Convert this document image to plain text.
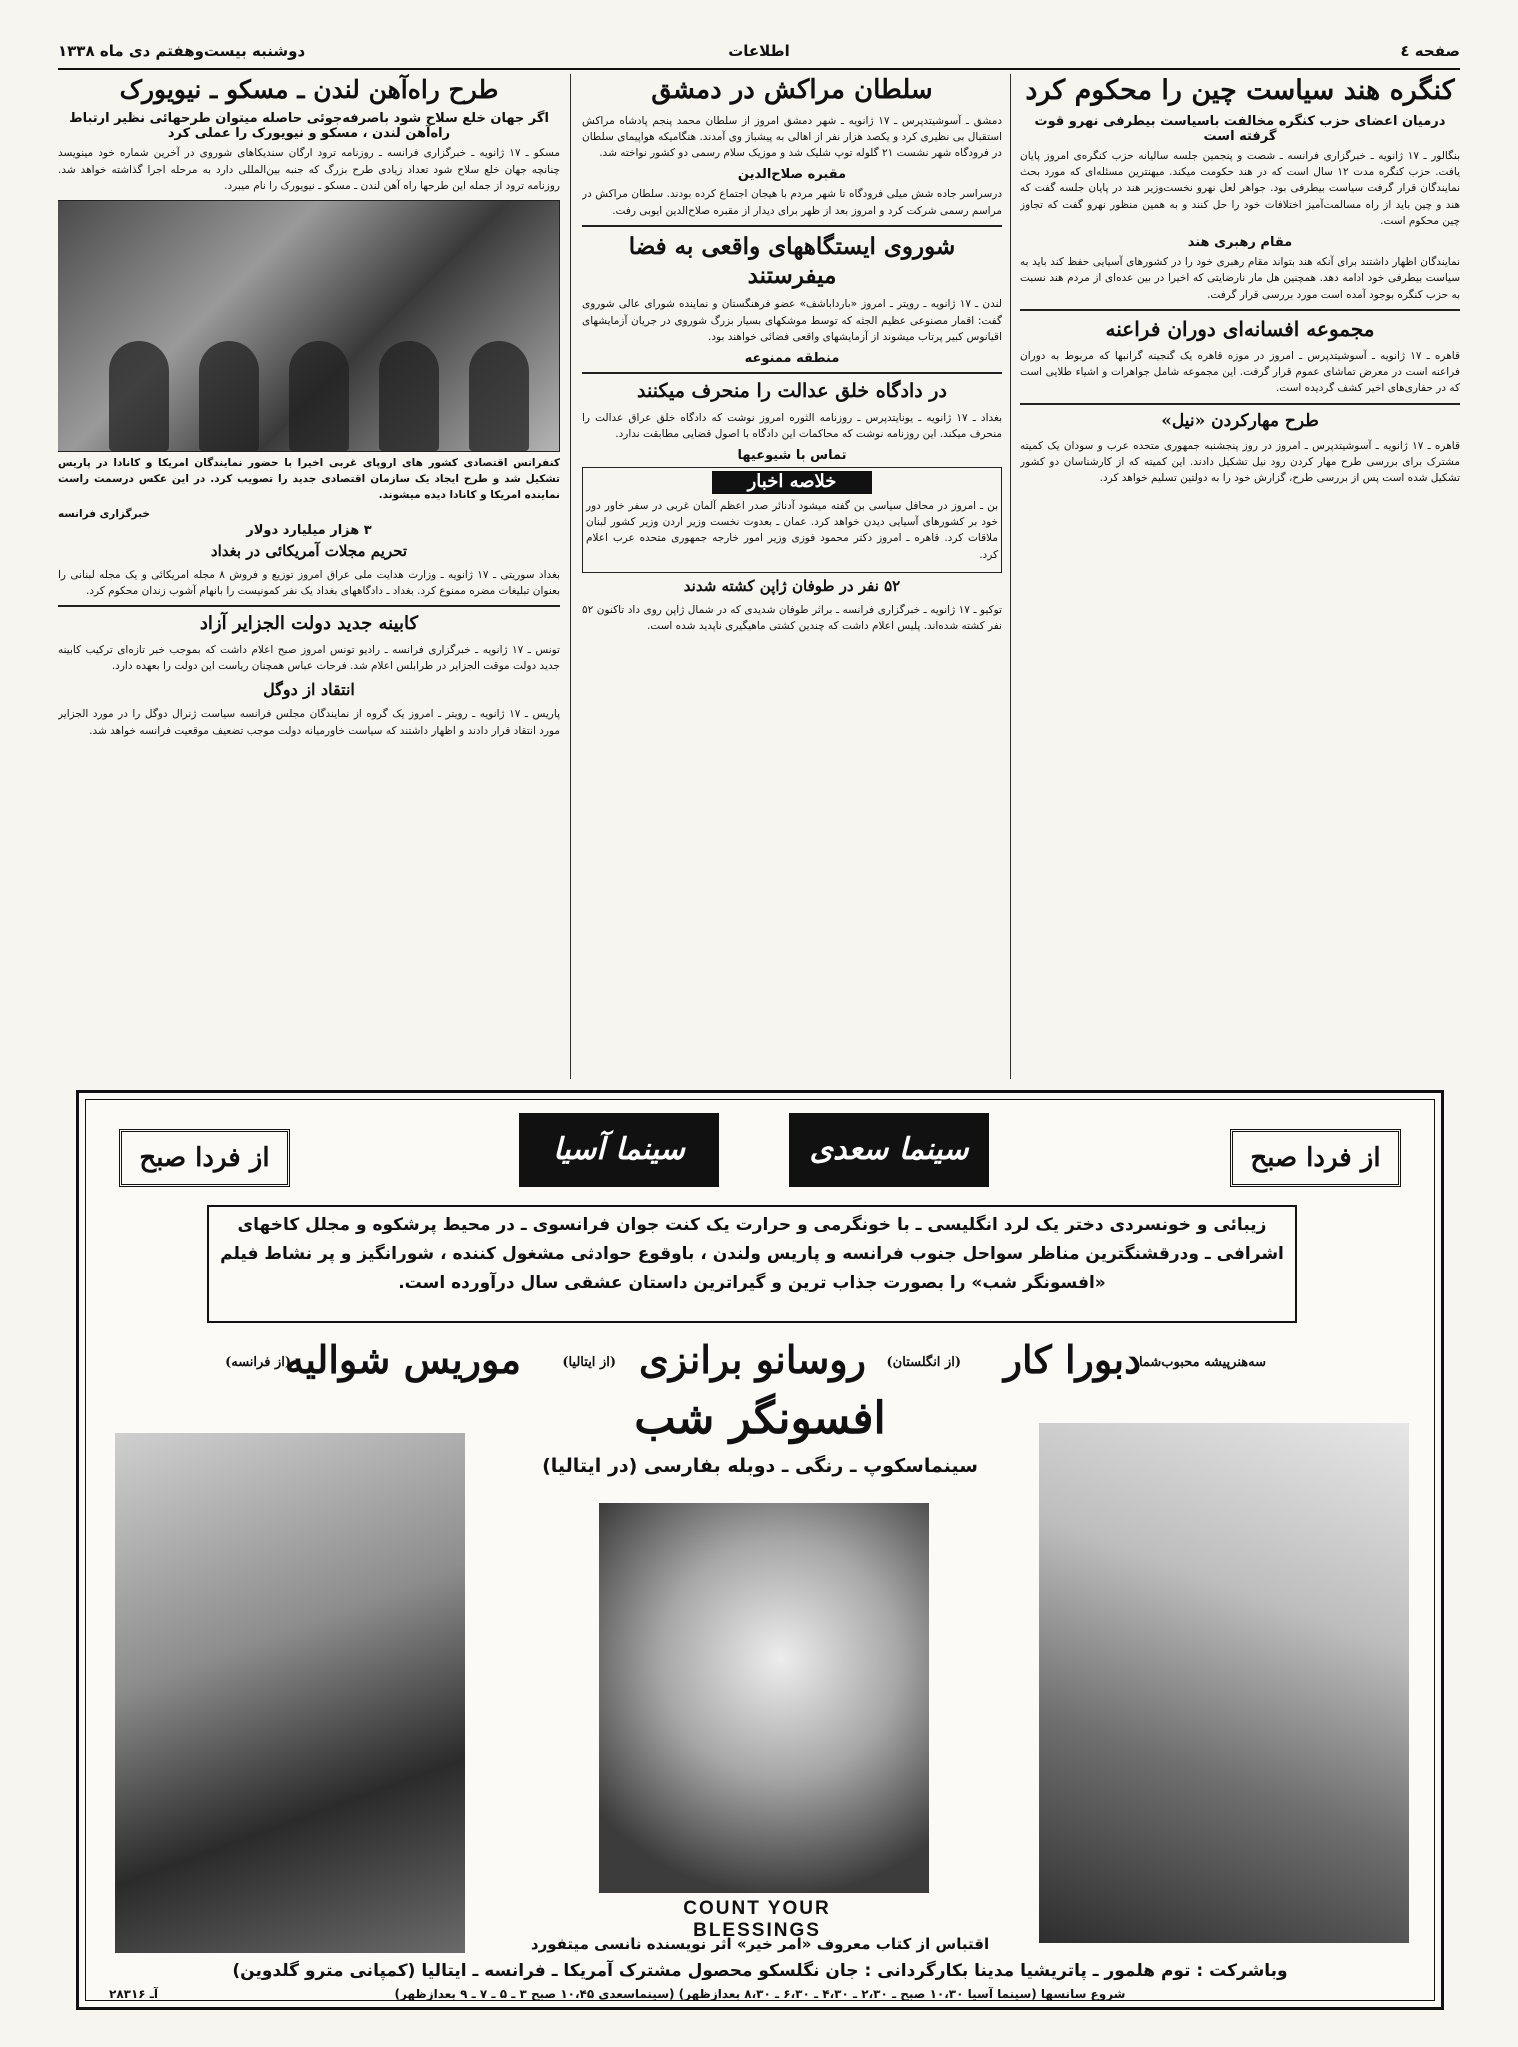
صفحه ٤
اطلاعات
دوشنبه بیست‌وهفتم دی ماه ۱۳۳۸
کنگره هند سیاست چین را محکوم کرد
درمیان اعضای حزب کنگره مخالفت باسیاست بیطرفی نهرو قوت گرفته است

بنگالور ـ ۱۷ ژانویه ـ خبرگزاری فرانسه ـ شصت و پنجمین جلسه سالیانه حزب کنگره‌ی امروز پایان یافت. حزب کنگره مدت ۱۲ سال است که در هند حکومت میکند. میهنترین مسئله‌ای که مورد بحث نمایندگان قرار گرفت سیاست بیطرفی بود. جواهر لعل نهرو نخست‌وزیر هند در پایان جلسه گفت که هند و چین باید از راه مسالمت‌آمیز اختلافات خود را حل کنند و به همین منظور نهرو گفت که تجاوز چین محکوم است.

مقام رهبری هند

نمایندگان اظهار داشتند برای آنکه هند بتواند مقام رهبری خود را در کشورهای آسیایی حفظ کند باید به سیاست بیطرفی خود ادامه دهد. همچنین هل مار نارضایتی که اخیرا در بین عده‌ای از مردم هند نسبت به حزب کنگره بوجود آمده است مورد بررسی قرار گرفت.

مجموعه افسانه‌ای دوران فراعنه

قاهره ـ ۱۷ ژانویه ـ آسوشیتدپرس ـ امروز در موزه قاهره یک گنجینه گرانبها که مربوط به دوران فراعنه است در معرض تماشای عموم قرار گرفت. این مجموعه شامل جواهرات و اشیاء طلایی است که در حفاری‌های اخیر کشف گردیده است.

طرح مهارکردن «نیل»

قاهره ـ ۱۷ ژانویه ـ آسوشیتدپرس ـ امروز در روز پنجشنبه جمهوری متحده عرب و سودان یک کمیته مشترک برای بررسی طرح مهار کردن رود نیل تشکیل دادند. این کمیته که از کارشناسان دو کشور تشکیل شده است پس از بررسی طرح، گزارش خود را به دولتین تسلیم خواهد کرد.

سلطان مراکش در دمشق

دمشق ـ آسوشیتدپرس ـ ۱۷ ژانویه ـ شهر دمشق امروز از سلطان محمد پنجم پادشاه مراکش استقبال بی نظیری کرد و یکصد هزار نفر از اهالی به پیشباز وی آمدند. هنگامیکه هواپیمای سلطان در فرودگاه شهر نشست ۲۱ گلوله توپ شلیک شد و موزیک سلام رسمی دو کشور نواخته شد.

مقبره صلاح‌الدین

درسراسر جاده شش میلی فرودگاه تا شهر مردم با هیجان اجتماع کرده بودند. سلطان مراکش در مراسم رسمی شرکت کرد و امروز بعد از ظهر برای دیدار از مقبره صلاح‌الدین ایوبی رفت.

شوروی ایستگاههای واقعی به فضا میفرستند

لندن ـ ۱۷ ژانویه ـ رویتر ـ امروز «بارداباشف» عضو فرهنگستان و نماینده شورای عالی شوروی گفت: اقمار مصنوعی عظیم الجثه که توسط موشکهای بسیار بزرگ شوروی در جریان آزمایشهای اقیانوس کبیر پرتاب میشوند از آزمایشهای واقعی فضائی خواهند بود.

منطقه ممنوعه
در دادگاه خلق عدالت را منحرف میکنند

بغداد ـ ۱۷ ژانویه ـ یونایتدپرس ـ روزنامه الثوره امروز نوشت که دادگاه خلق عراق عدالت را منحرف میکند. این روزنامه نوشت که محاکمات این دادگاه با اصول قضایی مطابقت ندارد.

تماس با شیوعیها
خلاصه اخبار

بن ـ امروز در محافل سیاسی بن گفته میشود آدنائر صدر اعظم آلمان غربی در سفر خاور دور خود بر کشورهای آسیایی دیدن خواهد کرد. عمان ـ بعدوت نخست وزیر اردن وزیر کشور لبنان ملاقات کرد. قاهره ـ امروز دکتر محمود فوزی وزیر امور خارجه جمهوری متحده عرب اعلام کرد.

۵۲ نفر در طوفان ژاپن کشته شدند

توکیو ـ ۱۷ ژانویه ـ خبرگزاری فرانسه ـ براثر طوفان شدیدی که در شمال ژاپن روی داد تاکنون ۵۲ نفر کشته شده‌اند. پلیس اعلام داشت که چندین کشتی ماهیگیری ناپدید شده است.

طرح راه‌آهن لندن ـ مسکو ـ نیویورک
اگر جهان خلع سلاح شود باصرفه‌جوئی حاصله میتوان طرحهائی نظیر ارتباط راه‌آهن لندن ، مسکو و نیویورک را عملی کرد

مسکو ـ ۱۷ ژانویه ـ خبرگزاری فرانسه ـ روزنامه ترود ارگان سندیکاهای شوروی در آخرین شماره خود مینویسد چنانچه جهان خلع سلاح شود تعداد زیادی طرح بزرگ که جنبه بین‌المللی دارد به مرحله اجرا گذاشته خواهد شد. روزنامه ترود از جمله این طرحها راه آهن لندن ـ مسکو ـ نیویورک را نام میبرد.

کنفرانس اقتصادی کشور های اروپای غربی اخیرا با حضور نمایندگان امریکا و کانادا در پاریس تشکیل شد و طرح ایجاد یک سازمان اقتصادی جدید را تصویب کرد. در این عکس درسمت راست نماینده امریکا و کانادا دیده میشوند.

خبرگزاری فرانسه

۳ هزار میلیارد دولار
تحریم مجلات آمریکائی در بغداد

بغداد سوریتی ـ ۱۷ ژانویه ـ وزارت هدایت ملی عراق امروز توزیع و فروش ۸ مجله امریکائی و یک مجله لبنانی را بعنوان تبلیغات مضره ممنوع کرد. بغداد ـ دادگاههای بغداد یک نفر کمونیست را بانهام آشوب زندان محکوم کرد.

کابینه جدید دولت الجزایر آزاد

تونس ـ ۱۷ ژانویه ـ خبرگزاری فرانسه ـ رادیو تونس امروز صبح اعلام داشت که بموجب خبر تازه‌ای ترکیب کابینه جدید دولت موقت الجزایر در طرابلس اعلام شد. فرحات عباس همچنان ریاست این دولت را بعهده دارد.

انتقاد از دوگل

پاریس ـ ۱۷ ژانویه ـ رویتر ـ امروز یک گروه از نمایندگان مجلس فرانسه سیاست ژنرال دوگل را در مورد الجزایر مورد انتقاد قرار دادند و اظهار داشتند که سیاست خاورمیانه دولت موجب تضعیف موقعیت فرانسه خواهد شد.

از فردا صبح
از فردا صبح	سینما سعدی
سینما آسیا
زیبائی و خونسردی دختر یک لرد انگلیسی ـ با خونگرمی و حرارت یک کنت جوان فرانسوی ـ در محیط پرشکوه و مجلل کاخهای اشرافی ـ ودرقشنگترین مناظر سواحل جنوب فرانسه و پاریس ولندن ، باوقوع حوادثی مشغول کننده ، شورانگیز و پر نشاط فیلم «افسونگر شب» را بصورت جذاب ترین و گیراترین داستان عشقی سال درآورده است.
سه‌هنرپیشه محبوب‌شما
دبورا کار
(از انگلستان)
روسانو برانزی
(از ایتالیا)
موریس شوالیه
(از فرانسه)
افسونگر شب
سینماسکوپ ـ رنگی ـ دوبله بفارسی (در ایتالیا)
COUNT YOUR BLESSINGS
اقتباس از کتاب معروف «امر خیر» اثر نویسنده نانسی میتفورد
وباشرکت : توم هلمور ـ پاتریشیا مدینا بکارگردانی : جان نگلسکو محصول مشترک آمریکا ـ فرانسه ـ ایتالیا (کمپانی مترو گلدوین)
شروع سانسها (سینما آسیا ۱۰،۳۰ صبح ـ ۲،۳۰ ـ ۴،۳۰ ـ ۶،۳۰ ـ ۸،۳۰ بعدازظهر) (سینماسعدی ۱۰،۴۵ صبح ۳ ـ ۵ ـ ۷ ـ ۹ بعدازظهر)
آـ ۲۸۳۱۶
